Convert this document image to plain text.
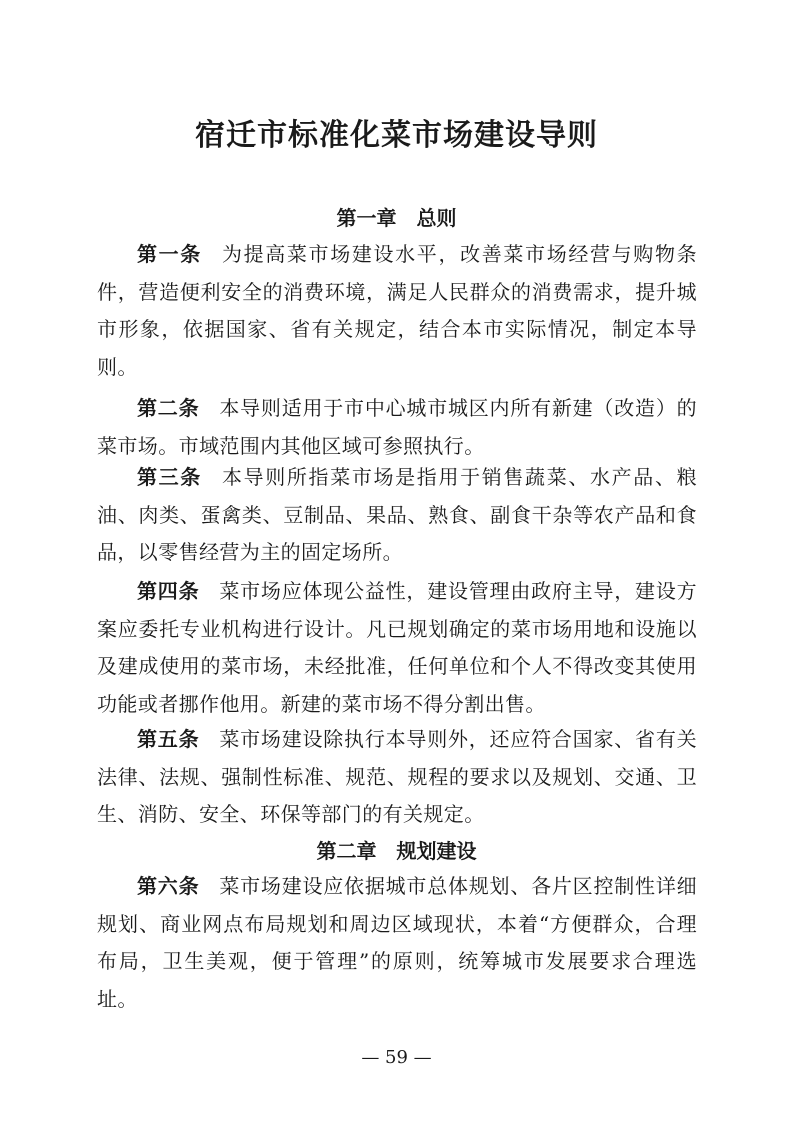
宿迁市标准化菜市场建设导则
第一章　总则

第一条 为提高菜市场建设水平，改善菜市场经营与购物条件，营造便利安全的消费环境，满足人民群众的消费需求，提升城市形象，依据国家、省有关规定，结合本市实际情况，制定本导则。

第二条 本导则适用于市中心城市城区内所有新建（改造）的菜市场。市域范围内其他区域可参照执行。

第三条 本导则所指菜市场是指用于销售蔬菜、水产品、粮油、肉类、蛋禽类、豆制品、果品、熟食、副食干杂等农产品和食品，以零售经营为主的固定场所。

第四条 菜市场应体现公益性，建设管理由政府主导，建设方案应委托专业机构进行设计。凡已规划确定的菜市场用地和设施以及建成使用的菜市场，未经批准，任何单位和个人不得改变其使用功能或者挪作他用。新建的菜市场不得分割出售。

第五条 菜市场建设除执行本导则外，还应符合国家、省有关法律、法规、强制性标准、规范、规程的要求以及规划、交通、卫生、消防、安全、环保等部门的有关规定。

第二章　规划建设

第六条 菜市场建设应依据城市总体规划、各片区控制性详细规划、商业网点布局规划和周边区域现状，本着“方便群众，合理布局，卫生美观，便于管理”的原则，统筹城市发展要求合理选址。

— 59 —
